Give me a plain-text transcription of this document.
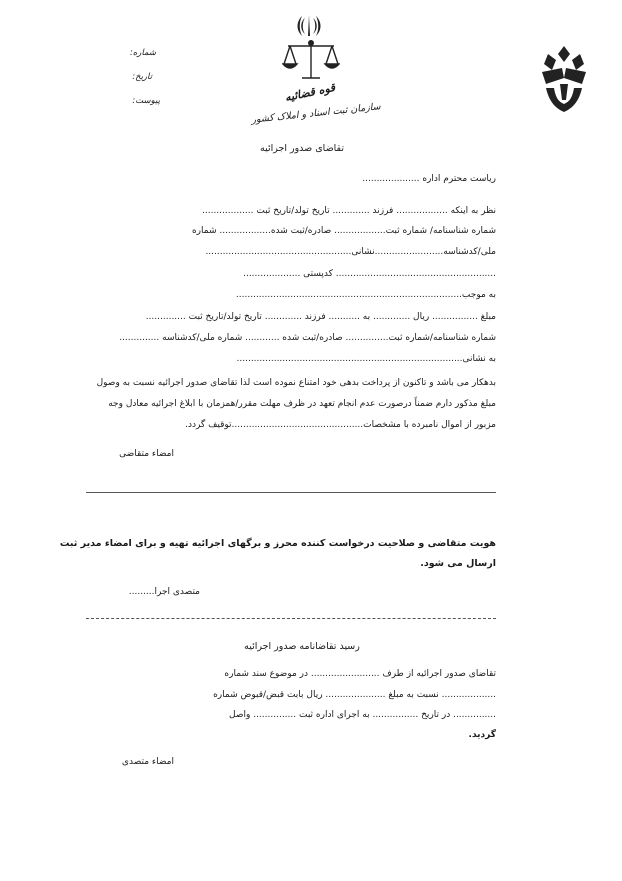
قوه قضائیه
سازمان ثبت اسناد و املاک کشور
شماره:
تاریخ:
پیوست:
تقاضای صدور اجرائیه
ریاست محترم اداره ....................
نظر به اینکه .................. فرزند ............. تاریخ تولد/تاریخ ثبت ..................
شماره شناسنامه/ شماره ثبت.................. صادره/ثبت شده.................. شماره
ملی/کدشناسه........................نشانی...................................................
........................................................ کدپستی ....................
به موجب...............................................................................
مبلغ ................ ریال ............. به ........... فرزند ............. تاریخ تولد/تاریخ ثبت ..............
شماره شناسنامه/شماره ثبت............... صادره/ثبت شده ............ شماره ملی/کدشناسه ..............
به نشانی...............................................................................
بدهکار می باشد و تاکنون از پرداخت بدهی خود امتناع نموده است لذا تقاضای صدور اجرائیه نسبت به وصول
مبلغ مذکور دارم ضمناً درصورت عدم انجام تعهد در ظرف مهلت مقرر/همزمان با ابلاغ اجرائیه معادل وجه
مزبور از اموال نامبرده با مشخصات..............................................توقیف گردد.
امضاء متقاضی
هویت متقاضی و صلاحیت درخواست کننده محرز و برگهای اجرائیه تهیه و برای امضاء مدیر ثبت
ارسال می شود.
متصدی اجرا.........
رسید تقاضانامه صدور اجرائیه
تقاضای صدور اجرائیه از طرف ........................ در موضوع سند شماره
................... نسبت به مبلغ ..................... ریال بابت قبض/قبوض شماره
............... در تاریخ ................ به اجرای اداره ثبت ............... واصل
گردید.
امضاء متصدی
